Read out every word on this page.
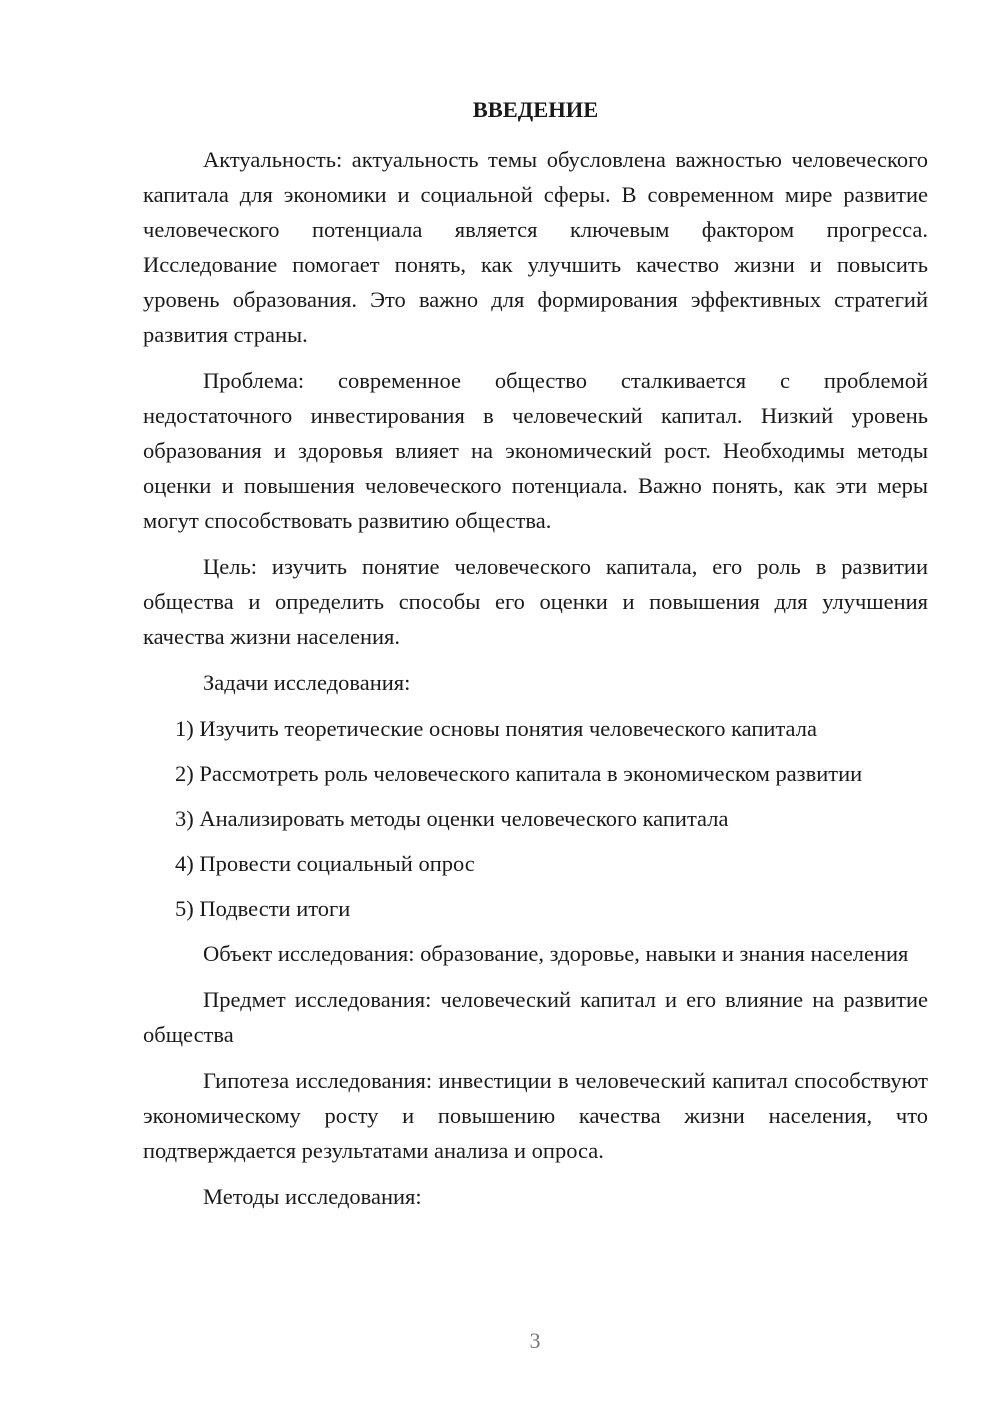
ВВЕДЕНИЕ

Актуальность: актуальность темы обусловлена важностью человеческого капитала для экономики и социальной сферы. В современном мире развитие человеческого потенциала является ключевым фактором прогресса. Исследование помогает понять, как улучшить качество жизни и повысить уровень образования. Это важно для формирования эффективных стратегий развития страны.

Проблема: современное общество сталкивается с проблемой недостаточного инвестирования в человеческий капитал. Низкий уровень образования и здоровья влияет на экономический рост. Необходимы методы оценки и повышения человеческого потенциала. Важно понять, как эти меры могут способствовать развитию общества.

Цель: изучить понятие человеческого капитала, его роль в развитии общества и определить способы его оценки и повышения для улучшения качества жизни населения.

Задачи исследования:

1) Изучить теоретические основы понятия человеческого капитала

2) Рассмотреть роль человеческого капитала в экономическом развитии

3) Анализировать методы оценки человеческого капитала

4) Провести социальный опрос

5) Подвести итоги

Объект исследования: образование, здоровье, навыки и знания населения

Предмет исследования: человеческий капитал и его влияние на развитие общества

Гипотеза исследования: инвестиции в человеческий капитал способствуют экономическому росту и повышению качества жизни населения, что подтверждается результатами анализа и опроса.

Методы исследования:

3
